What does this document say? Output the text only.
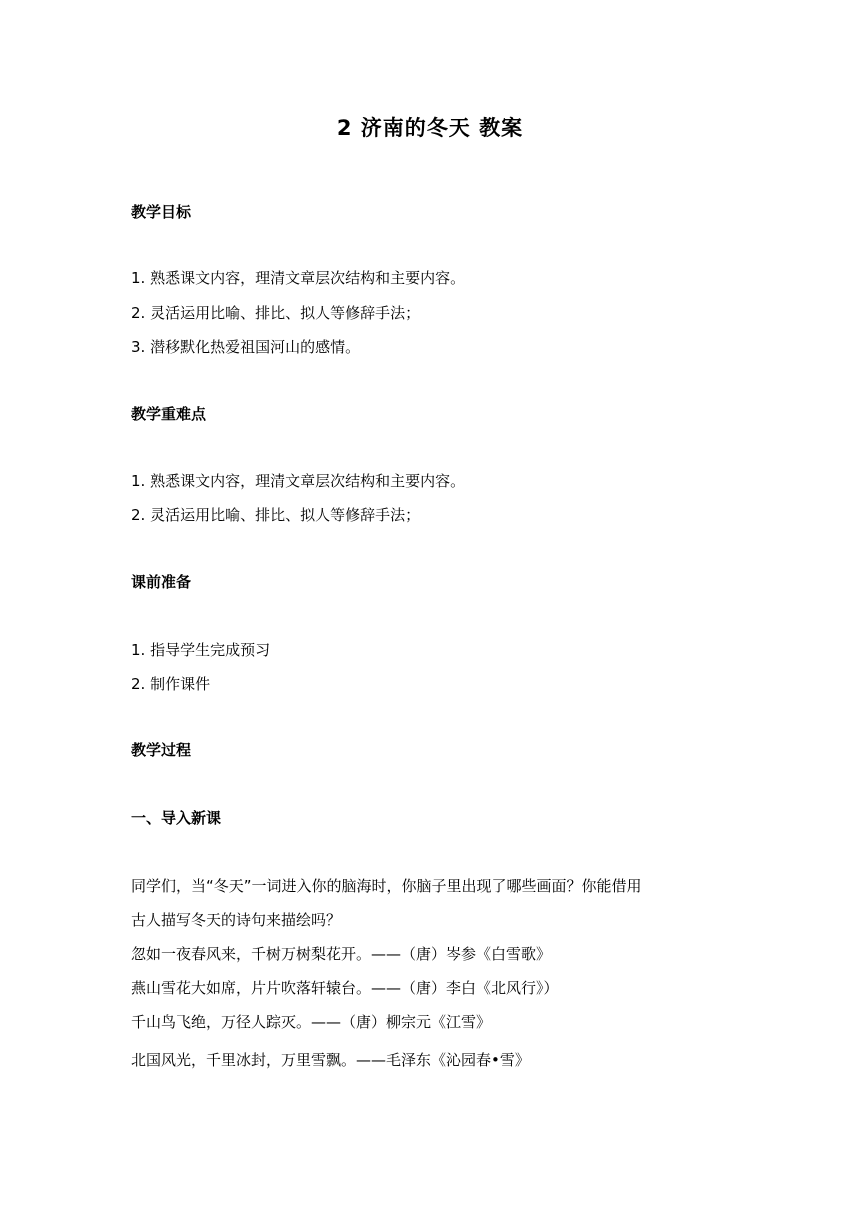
2 济南的冬天 教案
教学目标
1. 熟悉课文内容，理清文章层次结构和主要内容。
2. 灵活运用比喻、排比、拟人等修辞手法；
3. 潜移默化热爱祖国河山的感情。
教学重难点
1. 熟悉课文内容，理清文章层次结构和主要内容。
2. 灵活运用比喻、排比、拟人等修辞手法；
课前准备
1. 指导学生完成预习
2. 制作课件
教学过程
一、导入新课
同学们，当“冬天”一词进入你的脑海时，你脑子里出现了哪些画面？你能借用
古人描写冬天的诗句来描绘吗？
忽如一夜春风来，千树万树梨花开。——（唐）岑参《白雪歌》
燕山雪花大如席，片片吹落轩辕台。——（唐）李白《北风行》）
千山鸟飞绝，万径人踪灭。——（唐）柳宗元《江雪》
北国风光，千里冰封，万里雪飘。——毛泽东《沁园春•雪》
